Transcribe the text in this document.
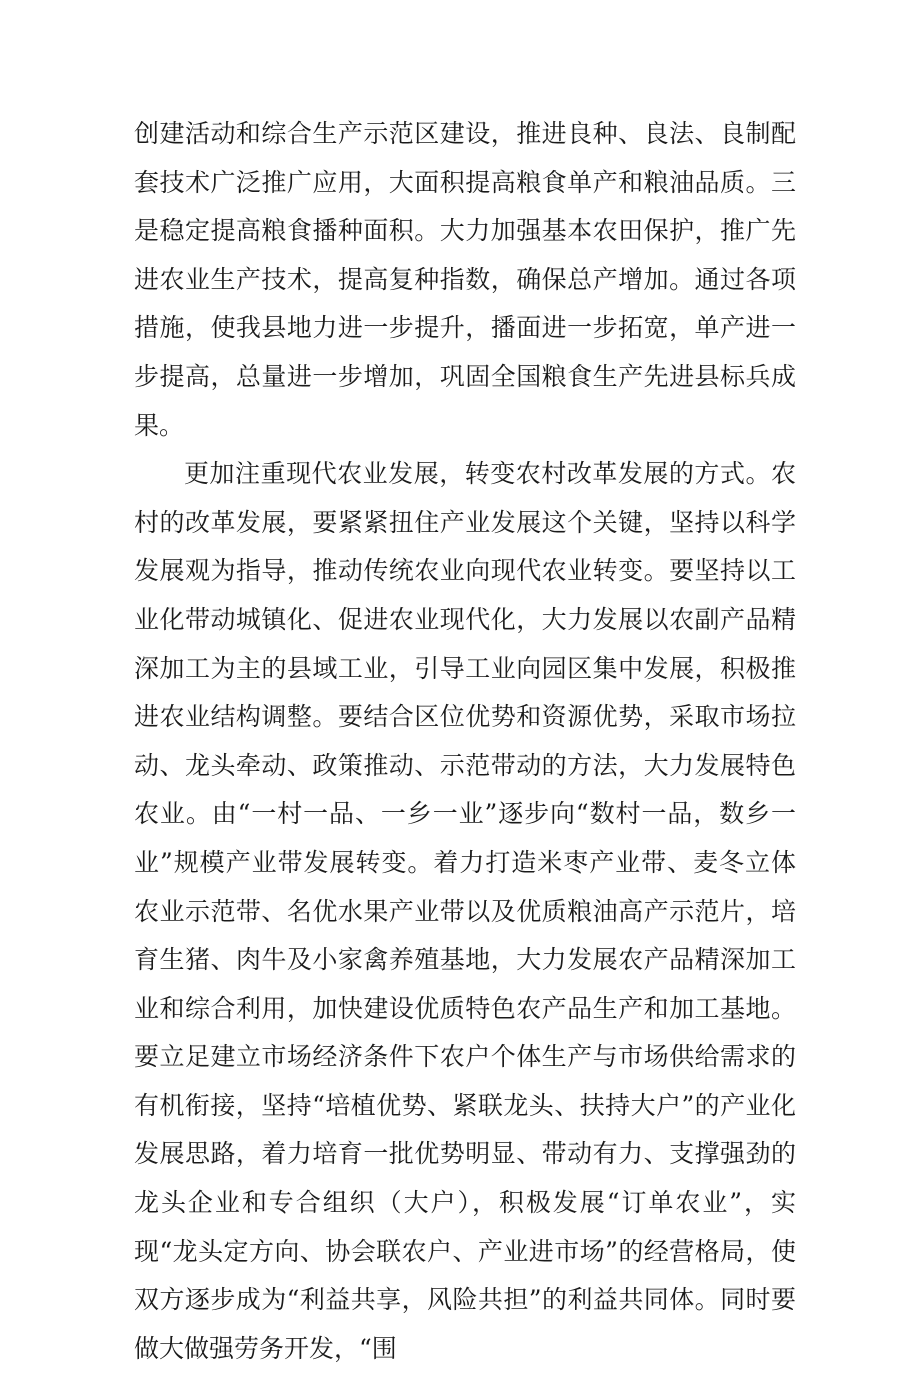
创建活动和综合生产示范区建设，推进良种、良法、良制配套技术广泛推广应用，大面积提高粮食单产和粮油品质。三是稳定提高粮食播种面积。大力加强基本农田保护，推广先进农业生产技术，提高复种指数，确保总产增加。通过各项措施，使我县地力进一步提升，播面进一步拓宽，单产进一步提高，总量进一步增加，巩固全国粮食生产先进县标兵成果。

更加注重现代农业发展，转变农村改革发展的方式。农村的改革发展，要紧紧扭住产业发展这个关键，坚持以科学发展观为指导，推动传统农业向现代农业转变。要坚持以工业化带动城镇化、促进农业现代化，大力发展以农副产品精深加工为主的县域工业，引导工业向园区集中发展，积极推进农业结构调整。要结合区位优势和资源优势，采取市场拉动、龙头牵动、政策推动、示范带动的方法，大力发展特色农业。由“一村一品、一乡一业”逐步向“数村一品，数乡一业”规模产业带发展转变。着力打造米枣产业带、麦冬立体农业示范带、名优水果产业带以及优质粮油高产示范片，培育生猪、肉牛及小家禽养殖基地，大力发展农产品精深加工业和综合利用，加快建设优质特色农产品生产和加工基地。要立足建立市场经济条件下农户个体生产与市场供给需求的有机衔接，坚持“培植优势、紧联龙头、扶持大户”的产业化发展思路，着力培育一批优势明显、带动有力、支撑强劲的龙头企业和专合组织（大户），积极发展“订单农业”，实现“龙头定方向、协会联农户、产业进市场”的经营格局，使双方逐步成为“利益共享，风险共担”的利益共同体。同时要做大做强劳务开发，“围
